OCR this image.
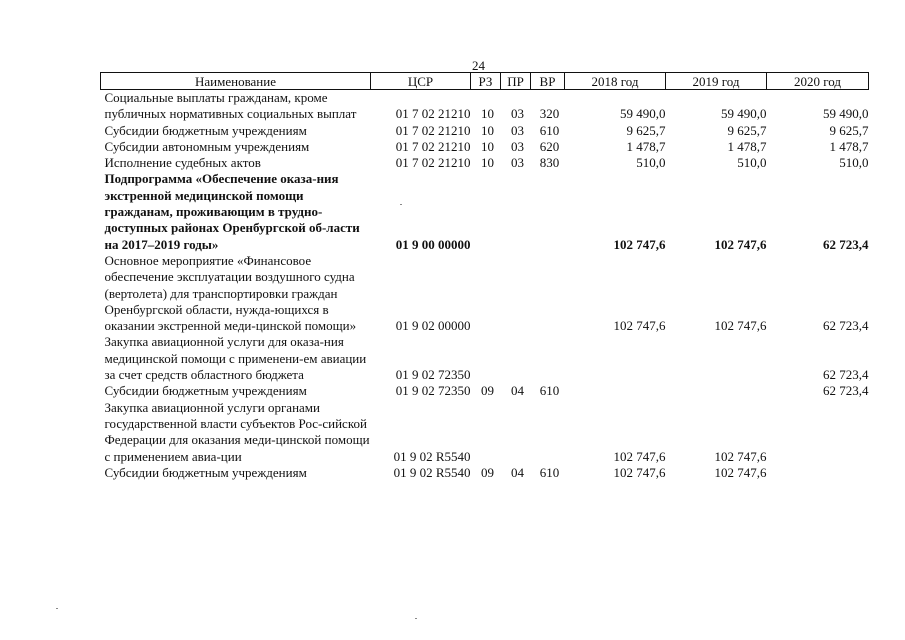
24
Наименование	ЦСР	РЗ	ПР	ВР	2018 год	2019 год	2020 год
Социальные выплаты гражданам, кроме публичных нормативных социальных выплат	01 7 02 21210	10	03	320	59 490,0	59 490,0	59 490,0
Субсидии бюджетным учреждениям	01 7 02 21210	10	03	610	9 625,7	9 625,7	9 625,7
Субсидии автономным учреждениям	01 7 02 21210	10	03	620	1 478,7	1 478,7	1 478,7
Исполнение судебных актов	01 7 02 21210	10	03	830	510,0	510,0	510,0
Подпрограмма «Обеспечение оказа-ния экстренной медицинской помощи гражданам, проживающим в трудно-доступных районах Оренбургской об-ласти на 2017–2019 годы»	01 9 00 00000				102 747,6	102 747,6	62 723,4
Основное мероприятие «Финансовое обеспечение эксплуатации воздушного судна (вертолета) для транспортировки граждан Оренбургской области, нужда-ющихся в оказании экстренной меди-цинской помощи»	01 9 02 00000				102 747,6	102 747,6	62 723,4
Закупка авиационной услуги для оказа-ния медицинской помощи с применени-ем авиации за счет средств областного бюджета	01 9 02 72350						62 723,4
Субсидии бюджетным учреждениям	01 9 02 72350	09	04	610			62 723,4
Закупка авиационной услуги органами государственной власти субъектов Рос-сийской Федерации для оказания меди-цинской помощи с применением авиа-ции	01 9 02 R5540				102 747,6	102 747,6	
Субсидии бюджетным учреждениям	01 9 02 R5540	09	04	610	102 747,6	102 747,6	
